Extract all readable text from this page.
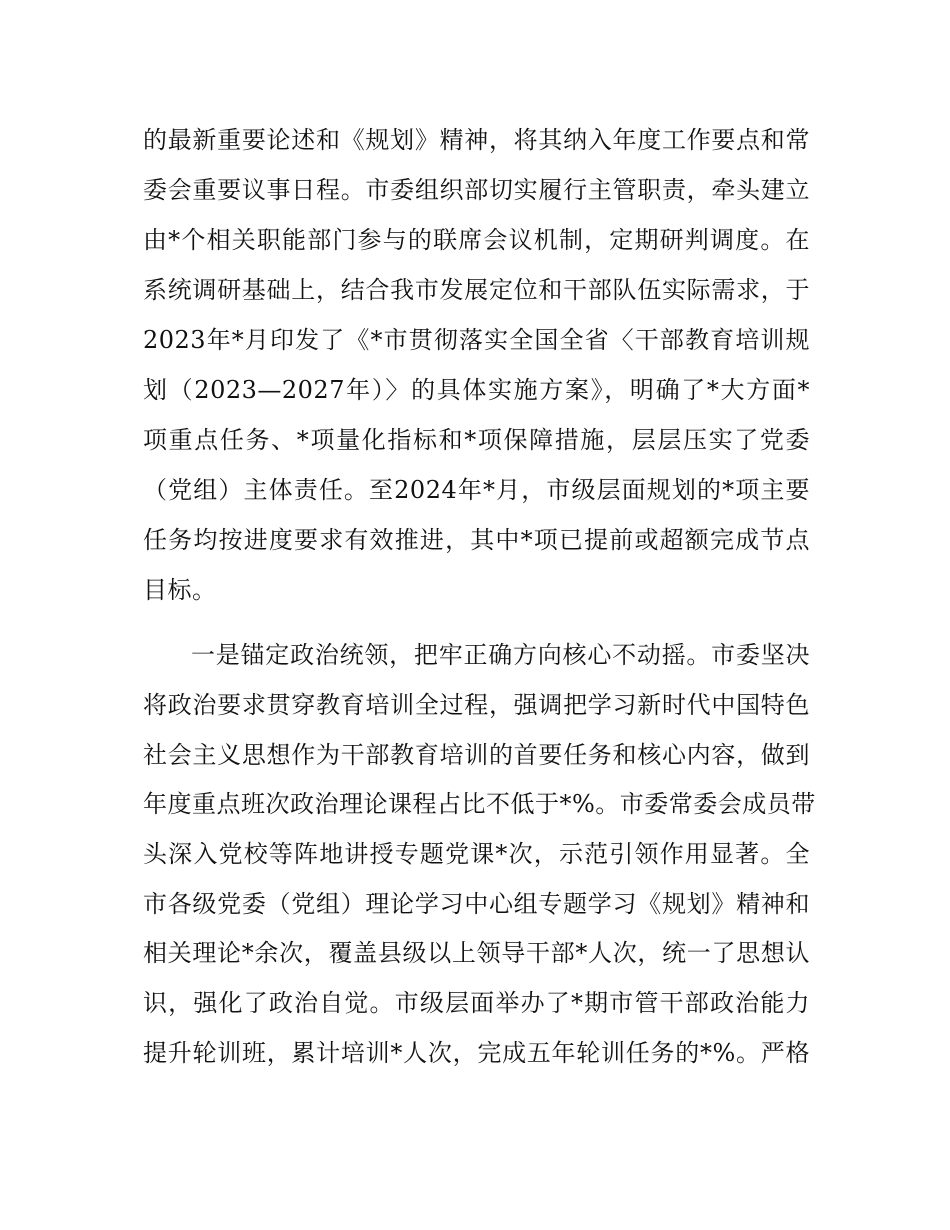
的最新重要论述和《规划》精神，将其纳入年度工作要点和常
委会重要议事日程。市委组织部切实履行主管职责，牵头建立
由*个相关职能部门参与的联席会议机制，定期研判调度。在
系统调研基础上，结合我市发展定位和干部队伍实际需求，于
2023年*月印发了《*市贯彻落实全国全省〈干部教育培训规
划（2023—2027年）〉的具体实施方案》，明确了*大方面*
项重点任务、*项量化指标和*项保障措施，层层压实了党委
（党组）主体责任。至2024年*月，市级层面规划的*项主要
任务均按进度要求有效推进，其中*项已提前或超额完成节点
目标。
一是锚定政治统领，把牢正确方向核心不动摇。市委坚决
将政治要求贯穿教育培训全过程，强调把学习新时代中国特色
社会主义思想作为干部教育培训的首要任务和核心内容，做到
年度重点班次政治理论课程占比不低于*%。市委常委会成员带
头深入党校等阵地讲授专题党课*次，示范引领作用显著。全
市各级党委（党组）理论学习中心组专题学习《规划》精神和
相关理论*余次，覆盖县级以上领导干部*人次，统一了思想认
识，强化了政治自觉。市级层面举办了*期市管干部政治能力
提升轮训班，累计培训*人次，完成五年轮训任务的*%。严格
